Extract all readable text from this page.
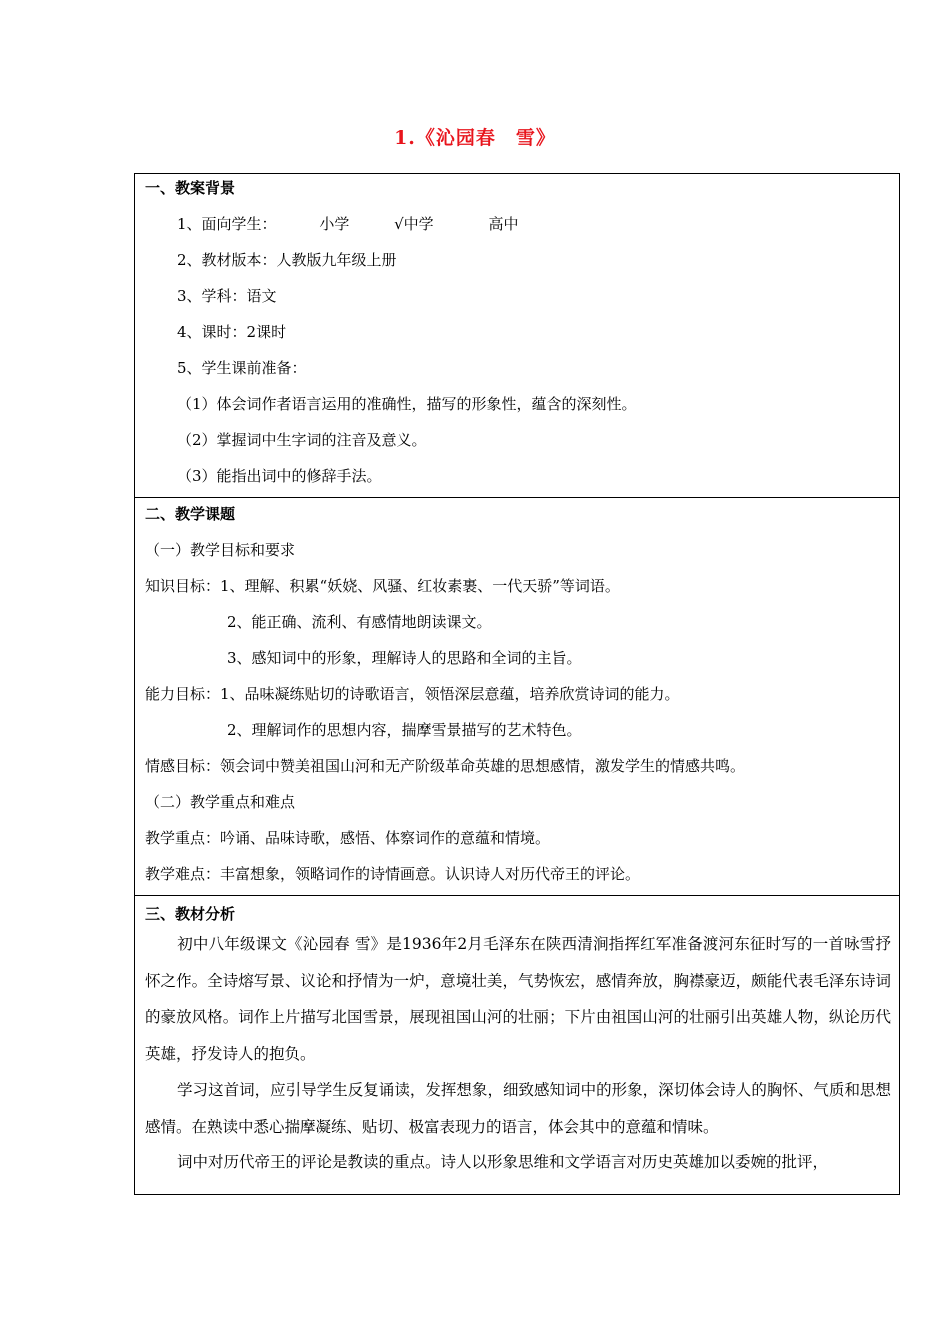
1.《沁园春　雪》
一、教案背景
1、面向学生：	小学	√中学	高中
2、教材版本：人教版九年级上册
3、学科：语文
4、课时：2课时
5、学生课前准备：
（1）体会词作者语言运用的准确性，描写的形象性，蕴含的深刻性。
（2）掌握词中生字词的注音及意义。
（3）能指出词中的修辞手法。
二、教学课题
（一）教学目标和要求
知识目标：1、理解、积累“妖娆、风骚、红妆素裹、一代天骄”等词语。
2、能正确、流利、有感情地朗读课文。
3、感知词中的形象，理解诗人的思路和全词的主旨。
能力目标：1、品味凝练贴切的诗歌语言，领悟深层意蕴，培养欣赏诗词的能力。
2、理解词作的思想内容，揣摩雪景描写的艺术特色。
情感目标：领会词中赞美祖国山河和无产阶级革命英雄的思想感情，激发学生的情感共鸣。
（二）教学重点和难点
教学重点：吟诵、品味诗歌，感悟、体察词作的意蕴和情境。
教学难点：丰富想象，领略词作的诗情画意。认识诗人对历代帝王的评论。
三、教材分析
初中八年级课文《沁园春 雪》是1936年2月毛泽东在陕西清涧指挥红军准备渡河东征时写的一首咏雪抒怀之作。全诗熔写景、议论和抒情为一炉，意境壮美，气势恢宏，感情奔放，胸襟豪迈，颇能代表毛泽东诗词的豪放风格。词作上片描写北国雪景，展现祖国山河的壮丽；下片由祖国山河的壮丽引出英雄人物，纵论历代英雄，抒发诗人的抱负。
学习这首词，应引导学生反复诵读，发挥想象，细致感知词中的形象，深切体会诗人的胸怀、气质和思想感情。在熟读中悉心揣摩凝练、贴切、极富表现力的语言，体会其中的意蕴和情味。
词中对历代帝王的评论是教读的重点。诗人以形象思维和文学语言对历史英雄加以委婉的批评，
